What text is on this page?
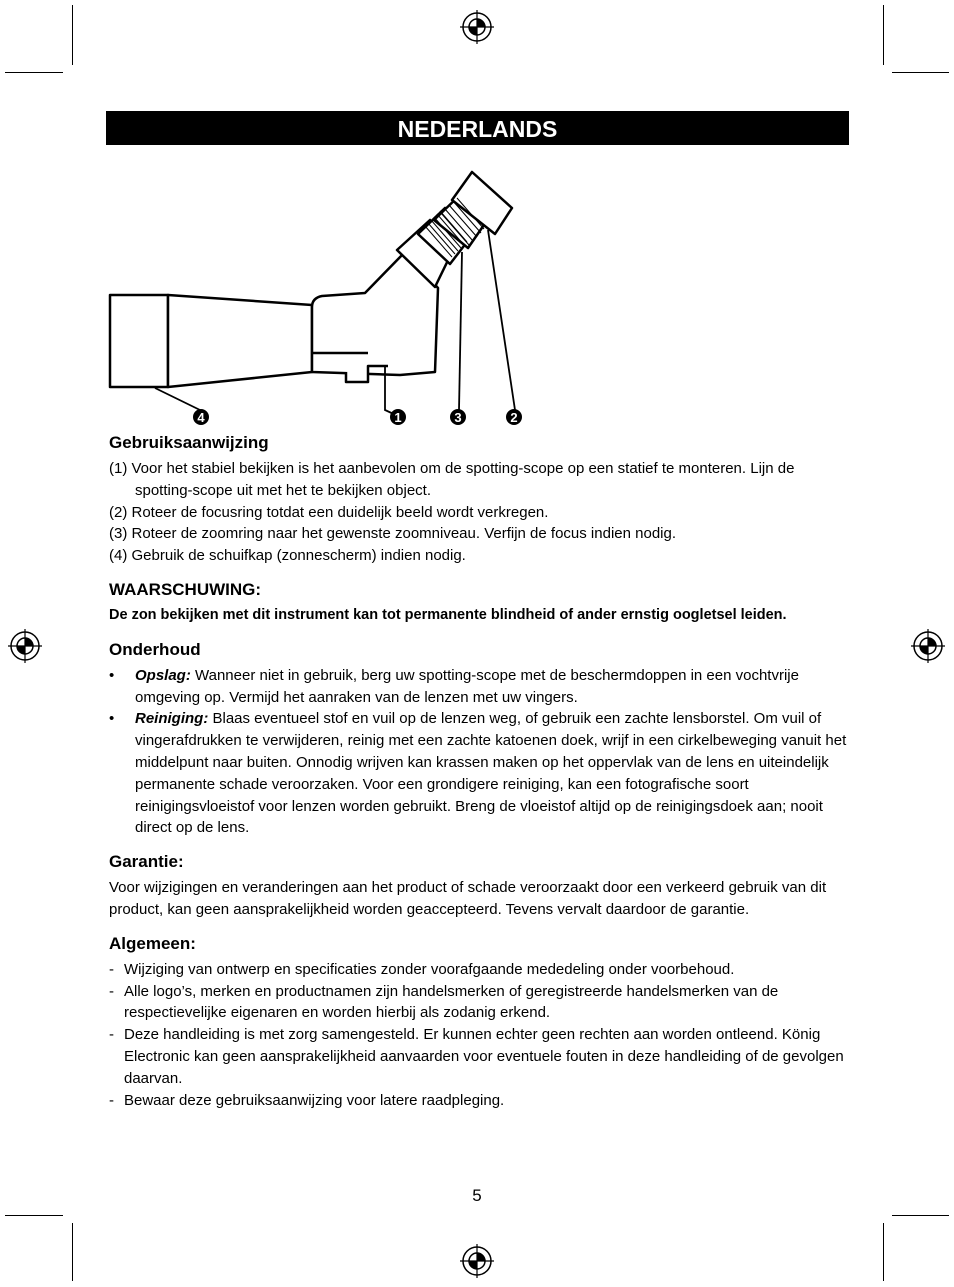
NEDERLANDS
4	1	3	2
Gebruiksaanwijzing

(1) Voor het stabiel bekijken is het aanbevolen om de spotting-scope op een statief te monteren. Lijn de spotting-scope uit met het te bekijken object.

(2) Roteer de focusring totdat een duidelijk beeld wordt verkregen.

(3) Roteer de zoomring naar het gewenste zoomniveau. Verfijn de focus indien nodig.

(4) Gebruik de schuifkap (zonnescherm) indien nodig.

WAARSCHUWING:

De zon bekijken met dit instrument kan tot permanente blindheid of ander ernstig oogletsel leiden.

Onderhoud
•	Opslag: Wanneer niet in gebruik, berg uw spotting-scope met de beschermdoppen in een vochtvrije omgeving op. Vermijd het aanraken van de lenzen met uw vingers.

•	Reiniging: Blaas eventueel stof en vuil op de lenzen weg, of gebruik een zachte lensborstel. Om vuil of vingerafdrukken te verwijderen, reinig met een zachte katoenen doek, wrijf in een cirkelbeweging vanuit het middelpunt naar buiten. Onnodig wrijven kan krassen maken op het oppervlak van de lens en uiteindelijk permanente schade veroorzaken. Voor een grondigere reiniging, kan een fotografische soort reinigingsvloeistof voor lenzen worden gebruikt. Breng de vloeistof altijd op de reinigingsdoek aan; nooit direct op de lens.

Garantie:

Voor wijzigingen en veranderingen aan het product of schade veroorzaakt door een verkeerd gebruik van dit product, kan geen aansprakelijkheid worden geaccepteerd. Tevens vervalt daardoor de garantie.

Algemeen:
- Wijziging van ontwerp en specificaties zonder voorafgaande mededeling onder voorbehoud.

- Alle logo’s, merken en productnamen zijn handelsmerken of geregistreerde handelsmerken van de respectievelijke eigenaren en worden hierbij als zodanig erkend.

- Deze handleiding is met zorg samengesteld. Er kunnen echter geen rechten aan worden ontleend. König Electronic kan geen aansprakelijkheid aanvaarden voor eventuele fouten in deze handleiding of de gevolgen daarvan.

- Bewaar deze gebruiksaanwijzing voor latere raadpleging.

5
